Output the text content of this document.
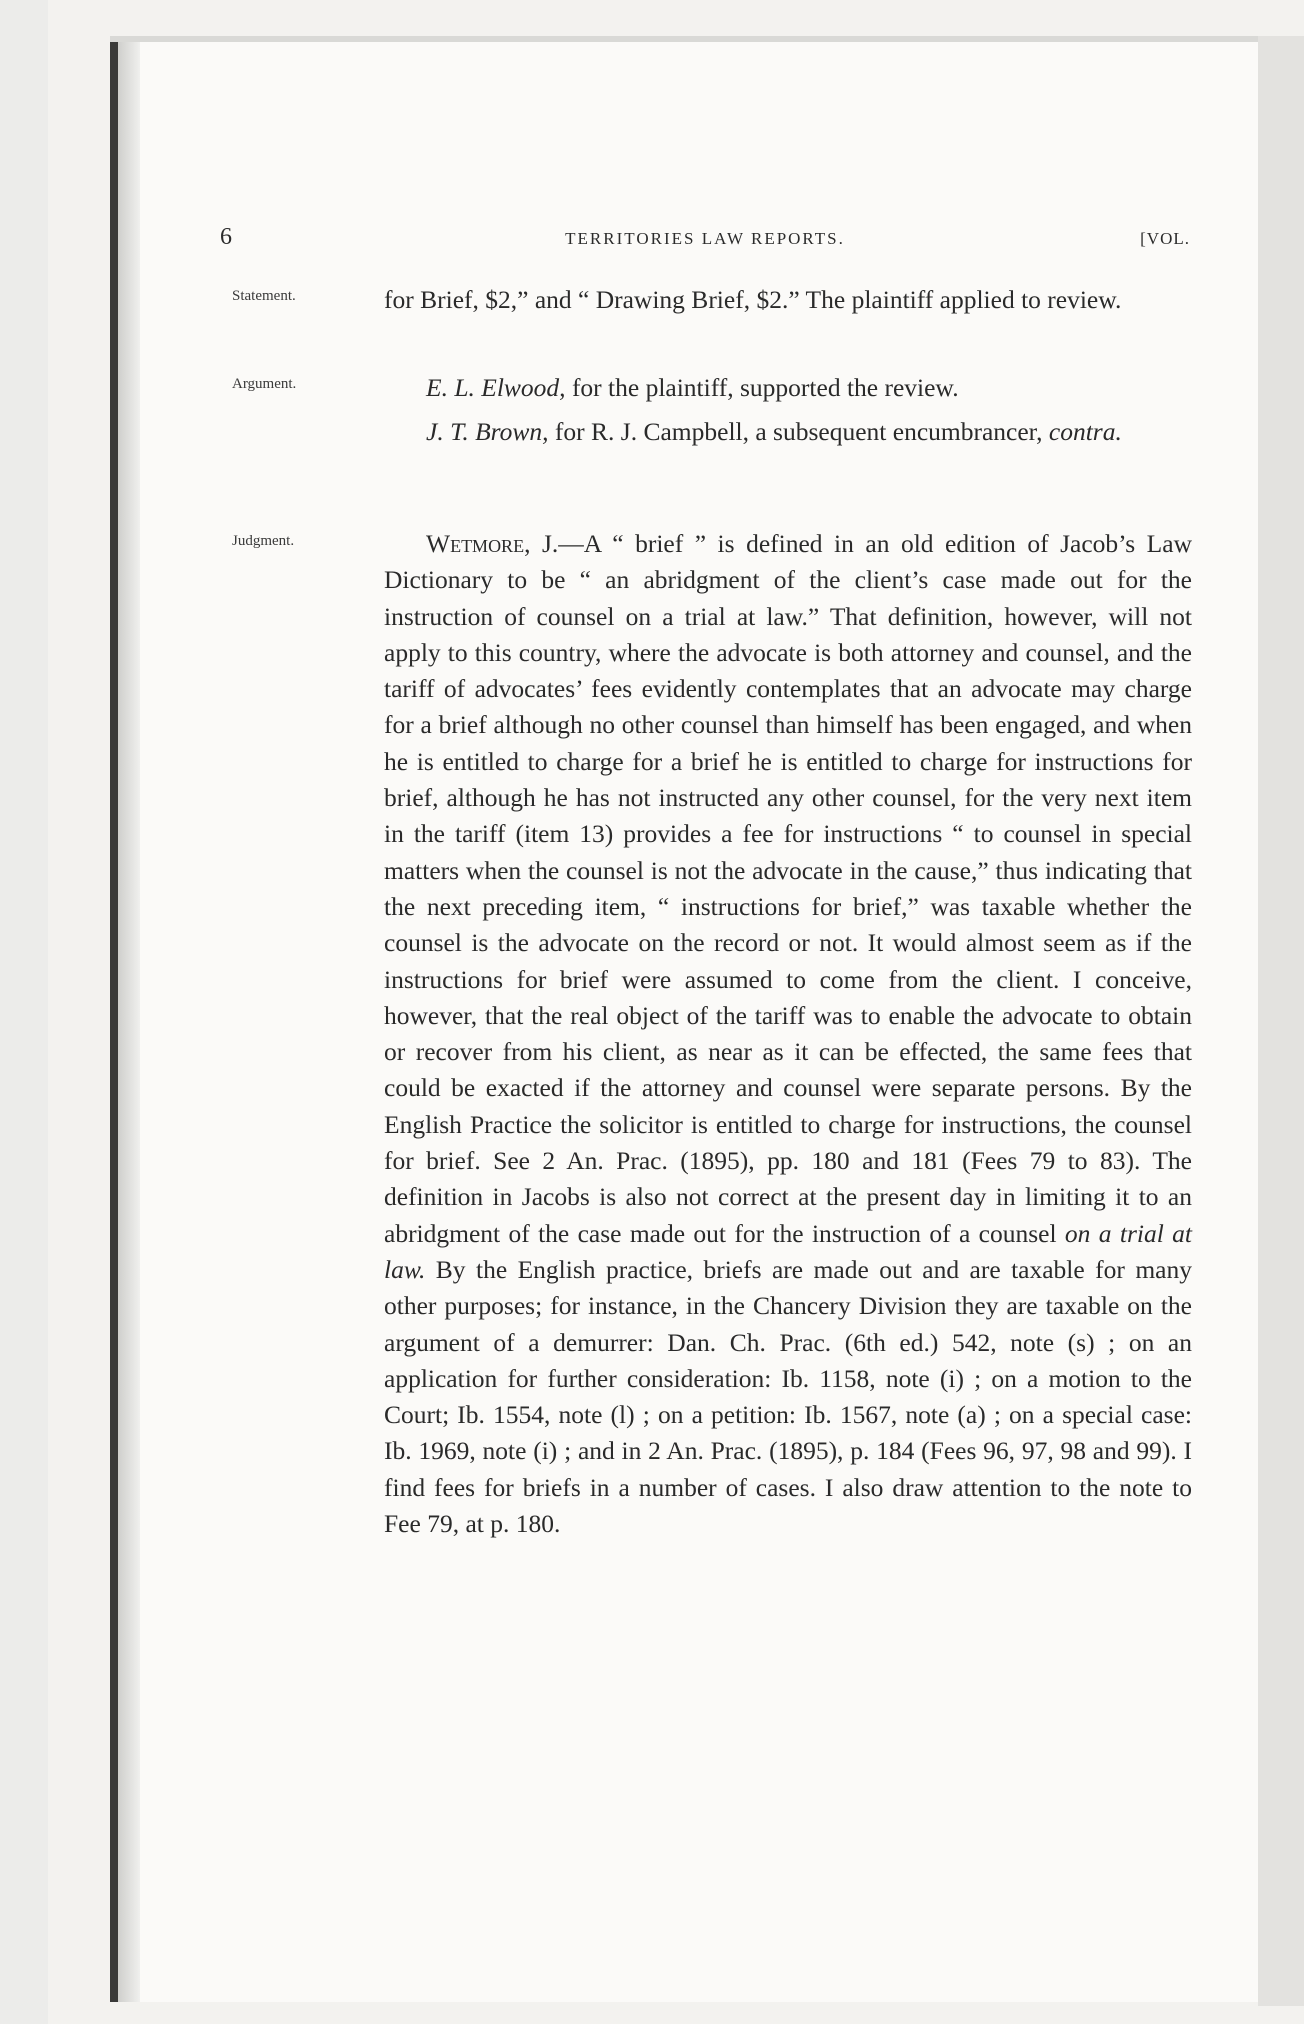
6	TERRITORIES LAW REPORTS.	[VOL.
Statement.
Argument.
Judgment.

for Brief, $2,” and “ Drawing Brief, $2.” The plaintiff applied to review.

E. L. Elwood, for the plaintiff, supported the review.

J. T. Brown, for R. J. Campbell, a subsequent encumbrancer, contra.

Wetmore, J.—A “ brief ” is defined in an old edition of Jacob’s Law Dictionary to be “ an abridgment of the client’s case made out for the instruction of counsel on a trial at law.” That definition, however, will not apply to this country, where the advocate is both attorney and counsel, and the tariff of advocates’ fees evidently contemplates that an advocate may charge for a brief although no other counsel than himself has been engaged, and when he is entitled to charge for a brief he is entitled to charge for instructions for brief, although he has not instructed any other counsel, for the very next item in the tariff (item 13) provides a fee for instructions “ to counsel in special matters when the counsel is not the advocate in the cause,” thus indicating that the next preceding item, “ instructions for brief,” was taxable whether the counsel is the advocate on the record or not. It would almost seem as if the instructions for brief were assumed to come from the client. I conceive, however, that the real object of the tariff was to enable the advocate to obtain or recover from his client, as near as it can be effected, the same fees that could be exacted if the attorney and counsel were separate persons. By the English Practice the solicitor is entitled to charge for instructions, the counsel for brief. See 2 An. Prac. (1895), pp. 180 and 181 (Fees 79 to 83). The definition in Jacobs is also not correct at the present day in limiting it to an abridgment of the case made out for the instruction of a counsel on a trial at law. By the English practice, briefs are made out and are taxable for many other purposes; for instance, in the Chancery Division they are taxable on the argument of a demurrer: Dan. Ch. Prac. (6th ed.) 542, note (s) ; on an application for further consideration: Ib. 1158, note (i) ; on a motion to the Court; Ib. 1554, note (l) ; on a petition: Ib. 1567, note (a) ; on a special case: Ib. 1969, note (i) ; and in 2 An. Prac. (1895), p. 184 (Fees 96, 97, 98 and 99). I find fees for briefs in a number of cases. I also draw attention to the note to Fee 79, at p. 180.
